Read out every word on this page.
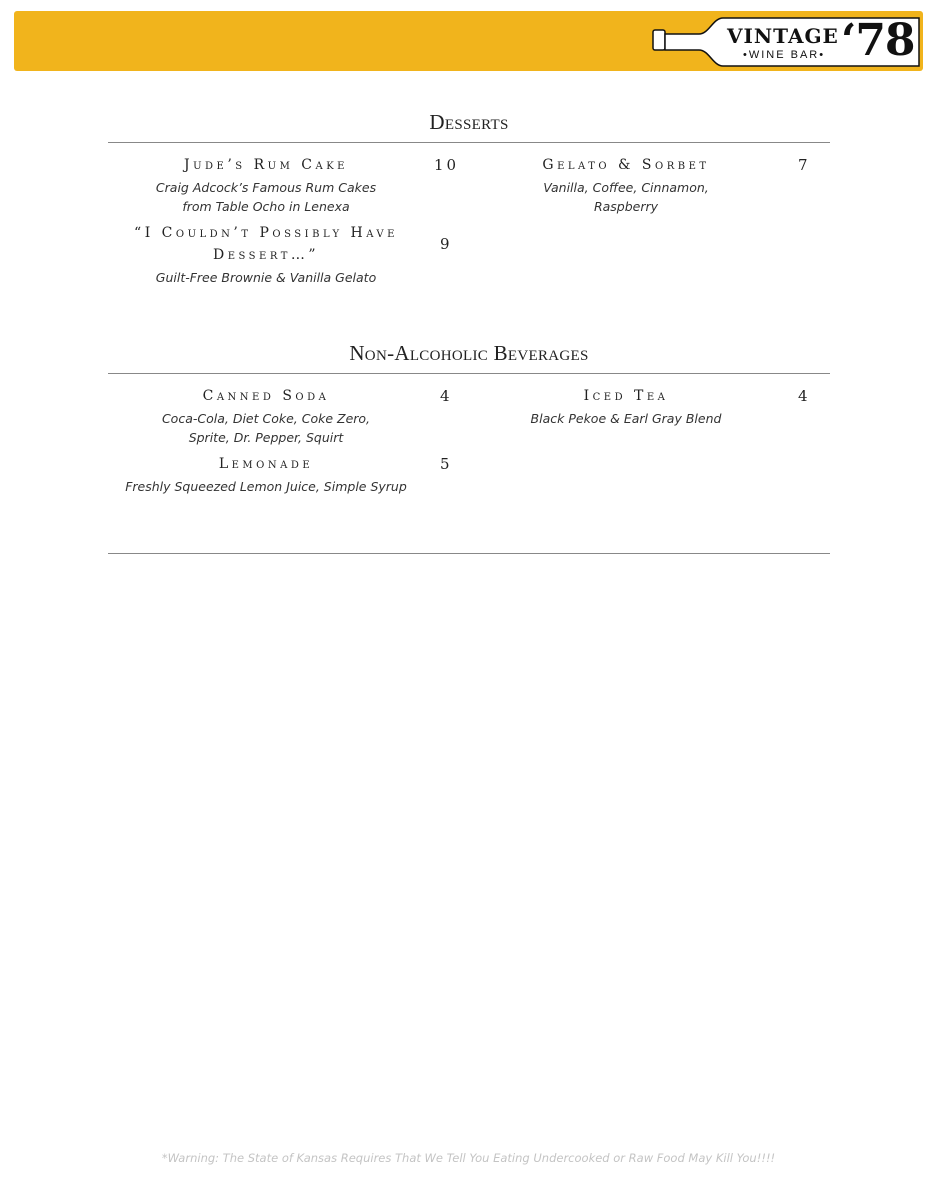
VINTAGE
•WINE BAR• ‘78
Desserts
Jude’s Rum Cake	10
Craig Adcock’s Famous Rum Cakes
from Table Ocho in Lenexa
Gelato & Sorbet	7
Vanilla, Coffee, Cinnamon,
Raspberry
“I Couldn’t Possibly Have
Dessert…”
9
Guilt-Free Brownie & Vanilla Gelato
Non-Alcoholic Beverages
Canned Soda	4
Coca-Cola, Diet Coke, Coke Zero,
Sprite, Dr. Pepper, Squirt
Iced Tea	4
Black Pekoe & Earl Gray Blend
Lemonade	5
Freshly Squeezed Lemon Juice, Simple Syrup
*Warning: The State of Kansas Requires That We Tell You Eating Undercooked or Raw Food May Kill You!!!!
